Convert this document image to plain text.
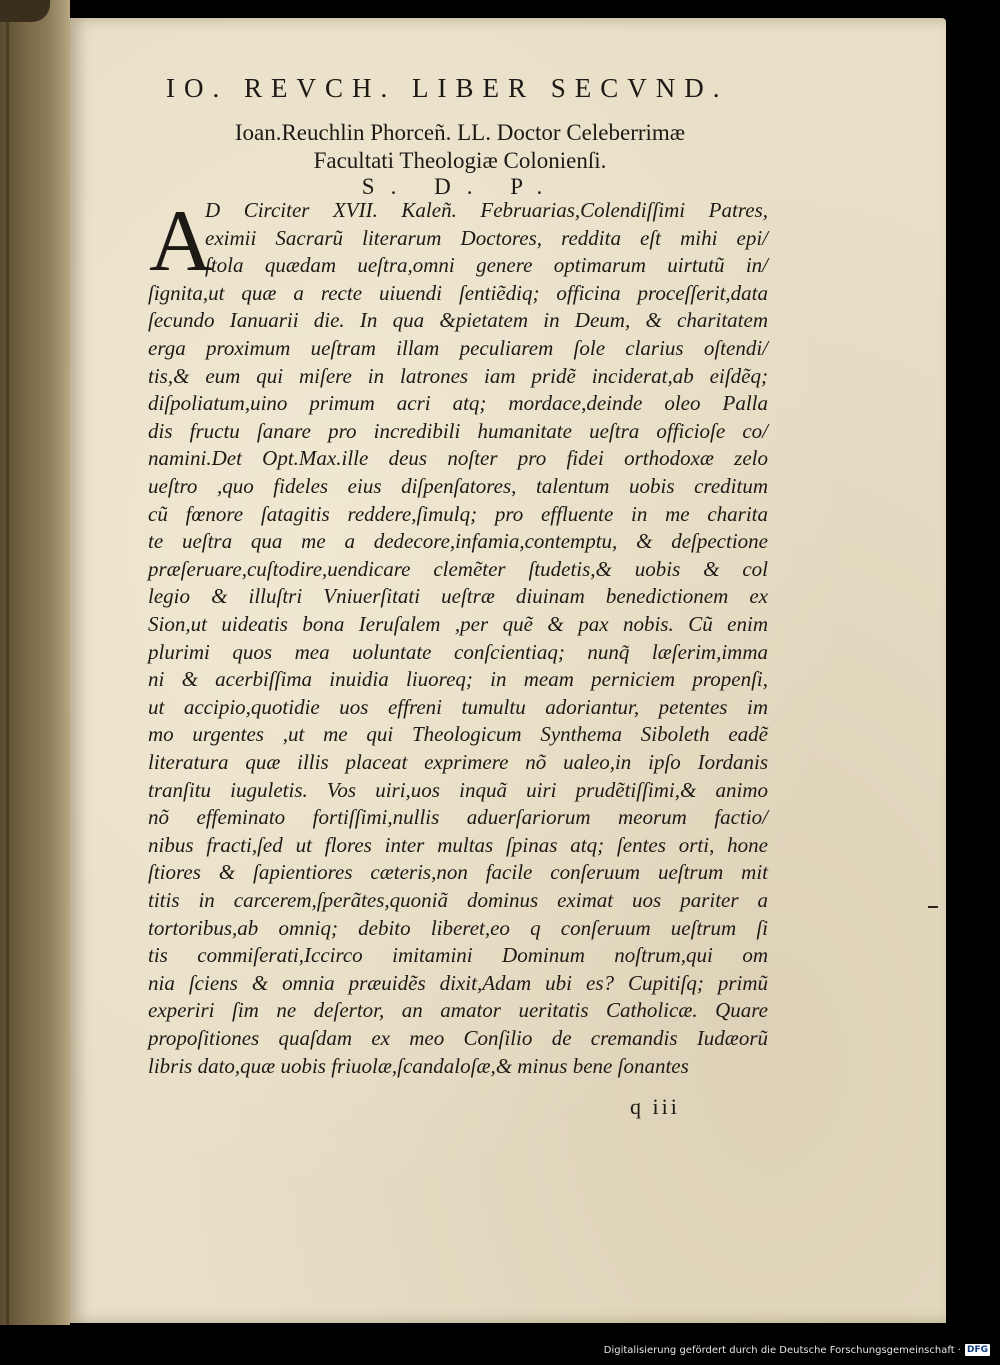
IO. REVCH. LIBER SECVND.
Ioan.Reuchlin Phorceñ. LL. Doctor Celeberrimæ
Facultati Theologiæ Colonienſi.
S. D. P.
A
D Circiter XVII. Kaleñ. Februarias,Colendiſſimi Patres,
eximii Sacrarũ literarum Doctores, reddita eſt mihi epi/
ſtola quædam ueſtra,omni genere optimarum uirtutũ in/
ſignita,ut quæ a recte uiuendi ſentiẽdiq; officina proceſſerit,data
ſecundo Ianuarii die. In qua &pietatem in Deum, & charitatem
erga proximum ueſtram illam peculiarem ſole clarius oſtendi/
tis,& eum qui miſere in latrones iam pridẽ inciderat,ab eiſdẽq;
diſpoliatum,uino primum acri atq; mordace,deinde oleo Palla
dis fructu ſanare pro incredibili humanitate ueſtra officioſe co/
namini.Det Opt.Max.ille deus noſter pro fidei orthodoxæ zelo
ueſtro ,quo fideles eius diſpenſatores, talentum uobis creditum
cũ fœnore ſatagitis reddere,ſimulq; pro effluente in me charita
te ueſtra qua me a dedecore,infamia,contemptu, & deſpectione
præſeruare,cuſtodire,uendicare clemẽter ſtudetis,& uobis & col
legio & illuſtri Vniuerſitati ueſtræ diuinam benedictionem ex
Sion,ut uideatis bona Ieruſalem ,per quẽ & pax nobis. Cũ enim
plurimi quos mea uoluntate conſcientiaq; nunq̃ læſerim,imma
ni & acerbiſſima inuidia liuoreq; in meam perniciem propenſi,
ut accipio,quotidie uos effreni tumultu adoriantur, petentes im
mo urgentes ,ut me qui Theologicum Synthema Siboleth eadẽ
literatura quæ illis placeat exprimere nõ ualeo,in ipſo Iordanis
tranſitu iuguletis. Vos uiri,uos inquã uiri prudẽtiſſimi,& animo
nõ effeminato fortiſſimi,nullis aduerſariorum meorum factio/
nibus fracti,ſed ut flores inter multas ſpinas atq; ſentes orti, hone
ſtiores & ſapientiores cæteris,non facile conſeruum ueſtrum mit
titis in carcerem,ſperãtes,quoniã dominus eximat uos pariter a
tortoribus,ab omniq; debito liberet,eo q conſeruum ueſtrum ſi
tis commiſerati,Iccirco imitamini Dominum noſtrum,qui om
nia ſciens & omnia præuidẽs dixit,Adam ubi es? Cupitiſq; primũ
experiri ſim ne deſertor, an amator ueritatis Catholicæ. Quare
propoſitiones quaſdam ex meo Conſilio de cremandis Iudæorũ
libris dato,quæ uobis friuolæ,ſcandaloſæ,& minus bene ſonantes
q iii
Digitalisierung gefördert durch die Deutsche Forschungsgemeinschaft · DFG
